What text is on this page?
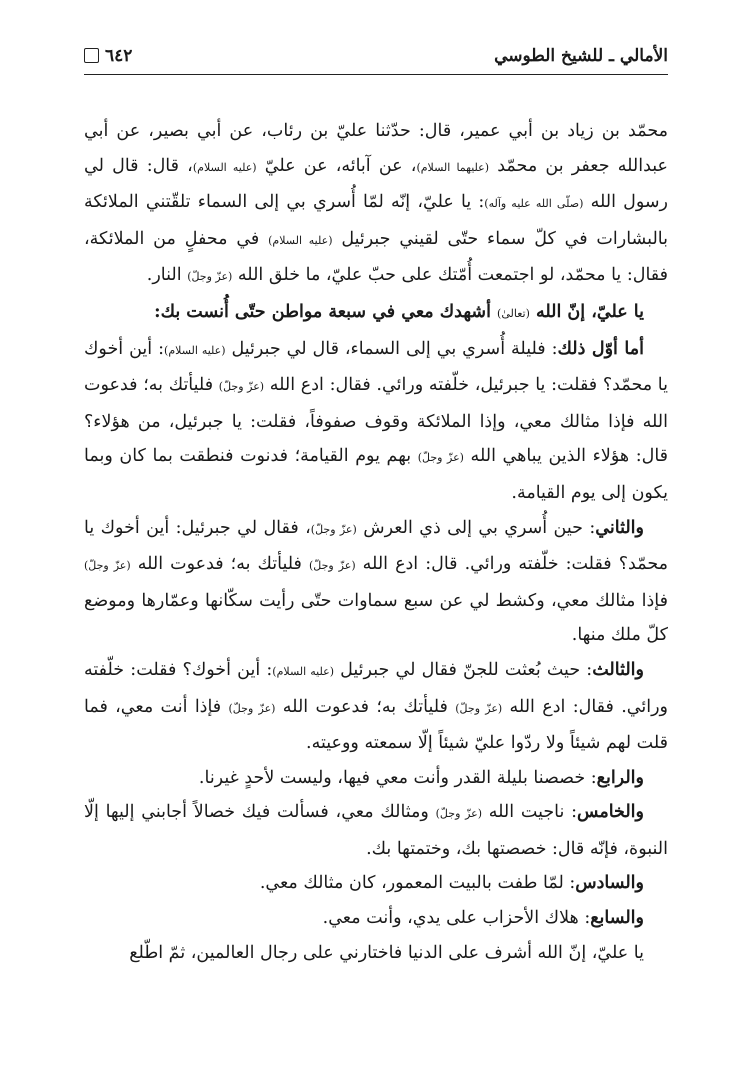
الأمالي ـ للشيخ الطوسي
٦٤٢

محمّد بن زياد بن أبي عمير، قال: حدّثنا عليّ بن رئاب، عن أبي بصير، عن أبي عبدالله جعفر بن محمّد (عليهما السلام)، عن آبائه، عن عليّ (عليه السلام)، قال: قال لي رسول الله (صلّى الله عليه وآله): يا عليّ، إنّه لمّا أُسري بي إلى السماء تلقّتني الملائكة بالبشارات في كلّ سماء حتّى لقيني جبرئيل (عليه السلام) في محفلٍ من الملائكة، فقال: يا محمّد، لو اجتمعت أُمّتك على حبّ عليّ، ما خلق الله (عزّ وجلّ) النار.

يا عليّ، إنّ الله (تعالىٰ) أشهدك معي في سبعة مواطن حتّى أُنست بك:

أما أوّل ذلك: فليلة أُسري بي إلى السماء، قال لي جبرئيل (عليه السلام): أين أخوك يا محمّد؟ فقلت: يا جبرئيل، خلّفته ورائي. فقال: ادع الله (عزّ وجلّ) فليأتك به؛ فدعوت الله فإذا مثالك معي، وإذا الملائكة وقوف صفوفاً، فقلت: يا جبرئيل، من هؤلاء؟ قال: هؤلاء الذين يباهي الله (عزّ وجلّ) بهم يوم القيامة؛ فدنوت فنطقت بما كان وبما يكون إلى يوم القيامة.

والثاني: حين أُسري بي إلى ذي العرش (عزّ وجلّ)، فقال لي جبرئيل: أين أخوك يا محمّد؟ فقلت: خلّفته ورائي. قال: ادع الله (عزّ وجلّ) فليأتك به؛ فدعوت الله (عزّ وجلّ) فإذا مثالك معي، وكشط لي عن سبع سماوات حتّى رأيت سكّانها وعمّارها وموضع كلّ ملك منها.

والثالث: حيث بُعثت للجنّ فقال لي جبرئيل (عليه السلام): أين أخوك؟ فقلت: خلّفته ورائي. فقال: ادع الله (عزّ وجلّ) فليأتك به؛ فدعوت الله (عزّ وجلّ) فإذا أنت معي، فما قلت لهم شيئاً ولا ردّوا عليّ شيئاً إلّا سمعته ووعيته.

والرابع: خصصنا بليلة القدر وأنت معي فيها، وليست لأحدٍ غيرنا.

والخامس: ناجيت الله (عزّ وجلّ) ومثالك معي، فسألت فيك خصالاً أجابني إليها إلّا النبوة، فإنّه قال: خصصتها بك، وختمتها بك.

والسادس: لمّا طفت بالبيت المعمور، كان مثالك معي.

والسابع: هلاك الأحزاب على يدي، وأنت معي.

يا عليّ، إنّ الله أشرف على الدنيا فاختارني على رجال العالمين، ثمّ اطّلع
